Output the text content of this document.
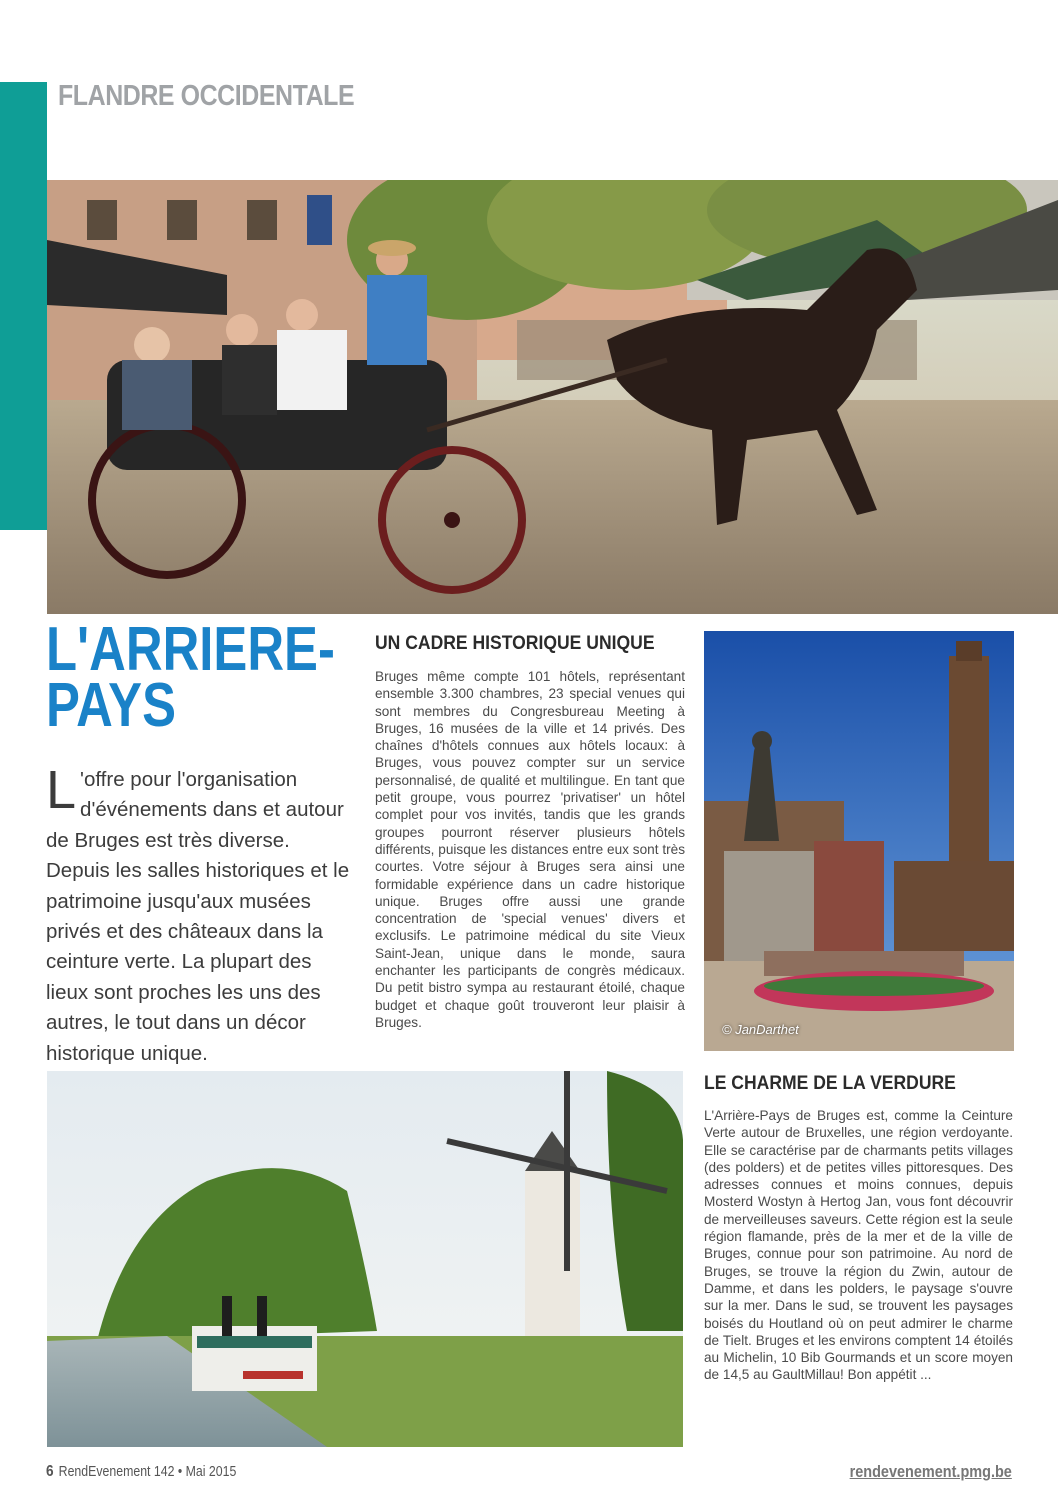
FLANDRE OCCIDENTALE
L'ARRIERE-
PAYS
L 'offre pour l'organisation d'événements dans et autour de Bruges est très diverse. Depuis les salles historiques et le patrimoine jusqu'aux musées privés et des châteaux dans la ceinture verte. La plupart des lieux sont proches les uns des autres, le tout dans un décor historique unique.
UN CADRE HISTORIQUE UNIQUE
Bruges même compte 101 hôtels, représentant ensemble 3.300 chambres, 23 special venues qui sont membres du Congresbureau Meeting à Bruges, 16 musées de la ville et 14 privés. Des chaînes d'hôtels connues aux hôtels locaux: à Bruges, vous pouvez compter sur un service personnalisé, de qualité et multilingue. En tant que petit groupe, vous pourrez 'privatiser' un hôtel complet pour vos invités, tandis que les grands groupes pourront réserver plusieurs hôtels différents, puisque les distances entre eux sont très courtes. Votre séjour à Bruges sera ainsi une formidable expérience dans un cadre historique unique. Bruges offre aussi une grande concentration de 'special venues' divers et exclusifs. Le patrimoine médical du site Vieux Saint-Jean, unique dans le monde, saura enchanter les participants de congrès médicaux. Du petit bistro sympa au restaurant étoilé, chaque budget et chaque goût trouveront leur plaisir à Bruges.	© JanDarthet
LE CHARME DE LA VERDURE
L'Arrière-Pays de Bruges est, comme la Ceinture Verte autour de Bruxelles, une région verdoyante. Elle se caractérise par de charmants petits villages (des polders) et de petites villes pittoresques. Des adresses connues et moins connues, depuis Mosterd Wostyn à Hertog Jan, vous font découvrir de merveilleuses saveurs. Cette région est la seule région flamande, près de la mer et de la ville de Bruges, connue pour son patrimoine. Au nord de Bruges, se trouve la région du Zwin, autour de Damme, et dans les polders, le paysage s'ouvre sur la mer. Dans le sud, se trouvent les paysages boisés du Houtland où on peut admirer le charme de Tielt. Bruges et les environs comptent 14 étoilés au Michelin, 10 Bib Gourmands et un score moyen de 14,5 au GaultMillau! Bon appétit ...
6 RendEvenement 142 • Mai 2015	rendevenement.pmg.be
